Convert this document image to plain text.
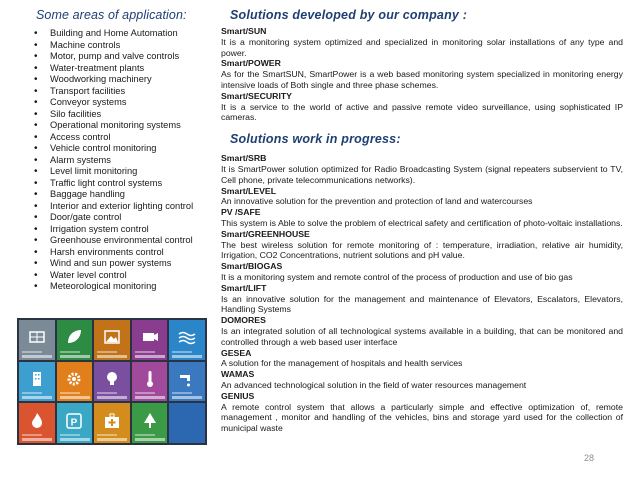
Some areas of application:
• Building and Home Automation
• Machine controls
• Motor, pump and valve controls
• Water-treatment plants
• Woodworking machinery
• Transport facilities
• Conveyor systems
• Silo facilities
• Operational monitoring systems
• Access control
• Vehicle control monitoring
• Alarm systems
• Level limit monitoring
• Traffic light control systems
• Baggage handling
• Interior and exterior lighting control
• Door/gate control
• Irrigation system control
• Greenhouse environmental control
• Harsh environments control
• Wind and sun power systems
• Water level control
• Meteorological monitoring
P
Solutions developed by our company :
Smart/SUN
It is a monitoring system optimized and specialized in monitoring solar installations of any type and power.
Smart/POWER
As for the SmartSUN, SmartPower is a web based monitoring system specialized in monitoring energy intensive loads of Both single and three phase schemes.
Smart/SECURITY
It is a service to the world of active and passive remote video surveillance, using sophisticated IP cameras.
Solutions work in progress:
Smart/SRB
It is SmartPower solution optimized for Radio Broadcasting System (signal repeaters subservient to TV, Cell phone, private telecommunications networks).
Smart/LEVEL
An innovative solution for the prevention and protection of land and watercourses
PV /SAFE
This system is Able to solve the problem of electrical safety and certification of photo-voltaic installations.
Smart/GREENHOUSE
The best wireless solution for remote monitoring of : temperature, irradiation, relative air humidity, Irrigation, CO2 Concentrations, nutrient solutions and pH value.
Smart/BIOGAS
It is a monitoring system and remote control of the process of production and use of bio gas
Smart/LIFT
Is an innovative solution for the management and maintenance of Elevators, Escalators, Elevators, Handling Systems
DOMORES
Is an integrated solution of all technological systems available in a building, that can be monitored and controlled through a web based user interface
GESEA
A solution for the management of hospitals and health services
WAMAS
An advanced technological solution in the field of water resources management
GENIUS
A remote control system that allows a particularly simple and effective optimization of, remote management , monitor and handling of the vehicles, bins and storage yard used for the collection of municipal waste
28
